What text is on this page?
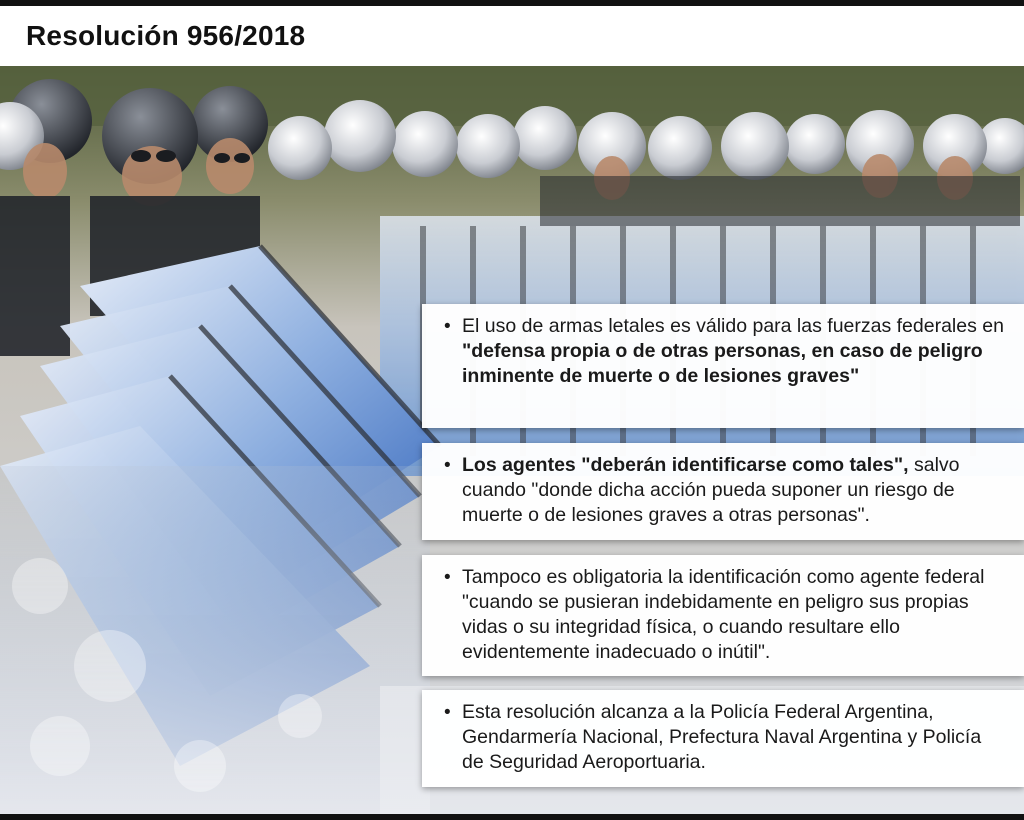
Resolución 956/2018
• El uso de armas letales es válido para las fuerzas federales en "defensa propia o de otras personas, en caso de peligro inminente de muerte o de lesiones graves"
• Los agentes "deberán identificarse como tales", salvo cuando "donde dicha acción pueda suponer un riesgo de muerte o de lesiones graves a otras personas".
• Tampoco es obligatoria la identificación como agente federal "cuando se pusieran indebidamente en peligro sus propias vidas o su integridad física, o cuando resultare ello evidentemente inadecuado o inútil".
• Esta resolución alcanza a la Policía Federal Argentina, Gendarmería Nacional, Prefectura Naval Argentina y Policía de Seguridad Aeroportuaria.
